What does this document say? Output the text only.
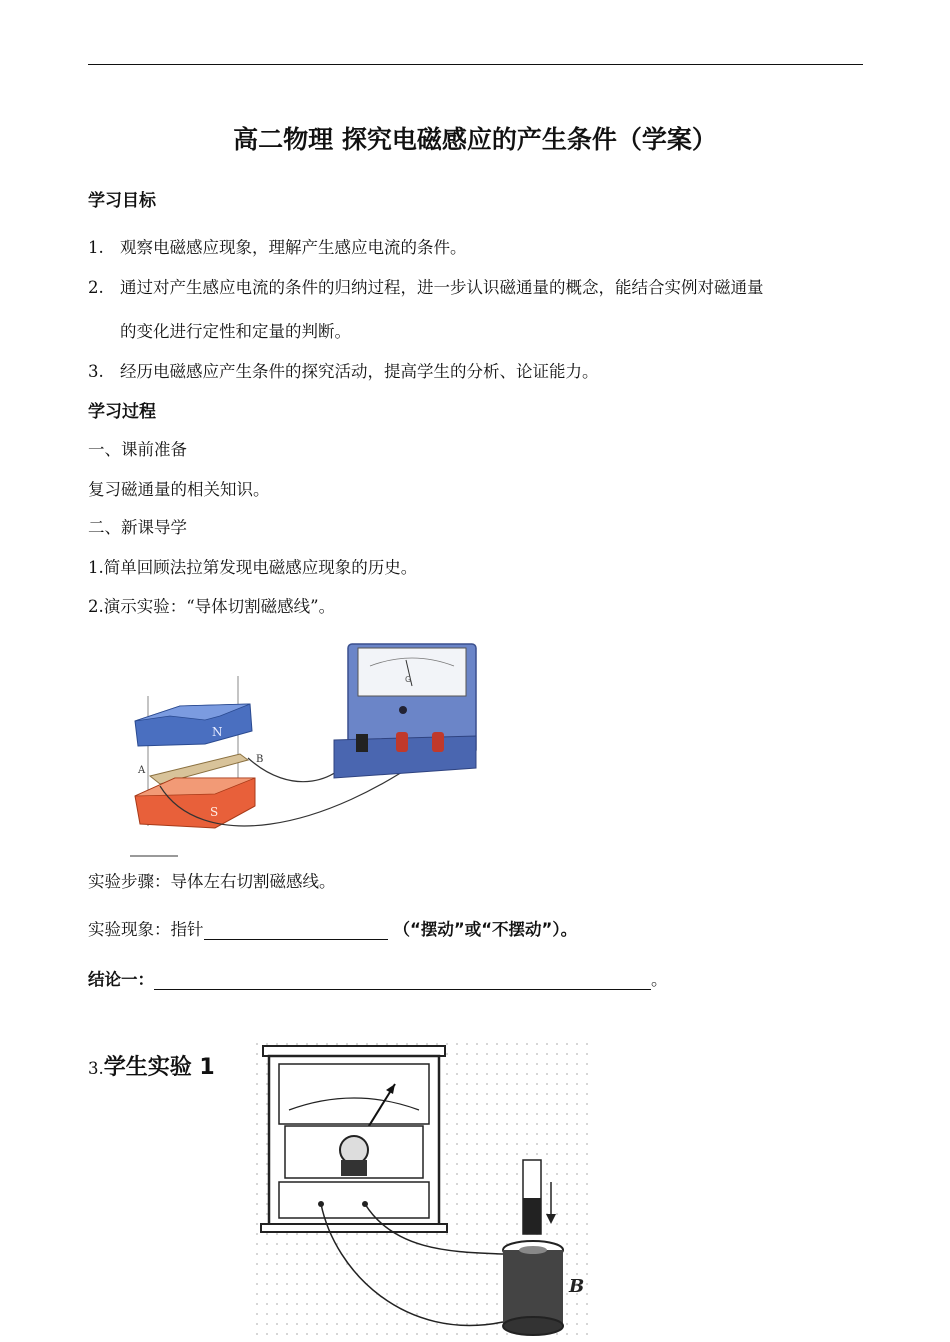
高二物理 探究电磁感应的产生条件（学案）
学习目标
1. 观察电磁感应现象，理解产生感应电流的条件。
2. 通过对产生感应电流的条件的归纳过程，进一步认识磁通量的概念，能结合实例对磁通量
的变化进行定性和定量的判断。
3. 经历电磁感应产生条件的探究活动，提高学生的分析、论证能力。
学习过程
一、课前准备
复习磁通量的相关知识。
二、新课导学
1.简单回顾法拉第发现电磁感应现象的历史。
2.演示实验：“导体切割磁感线”。
N
A
B
S
G
实验步骤：导体左右切割磁感线。
实验现象：指针	（“摆动”或“不摆动”）。
结论一：	。
3.学生实验 1
B
